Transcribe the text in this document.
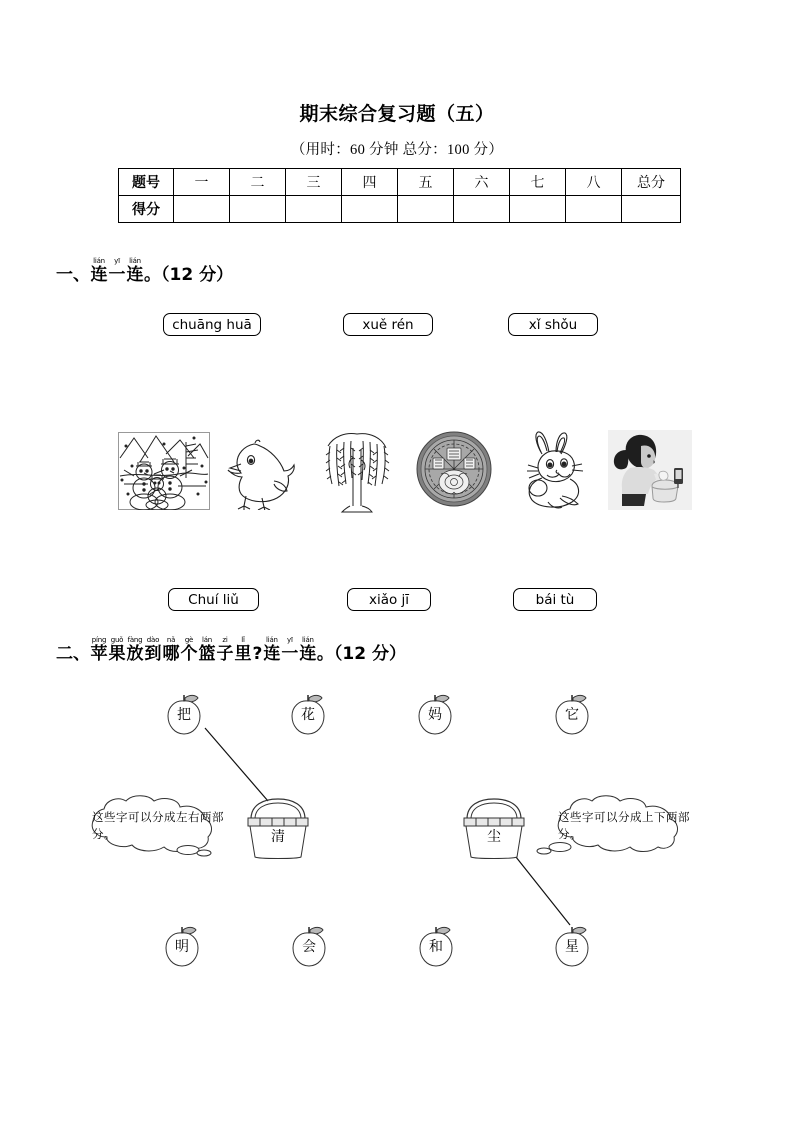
期末综合复习题（五）
（用时：60 分钟 总分：100 分）
题号	一	二	三	四	五	六	七	八	总分
得分									
一、
lián
连
yī
一
lián
连 。（12 分）
chuāng huā	xuě rén	xǐ shǒu
Chuí liǔ	xiǎo jī	bái tù
二、
píng
苹
guǒ
果
fàng
放
dào
到
nǎ
哪
gè
个
lán
篮
zi
子
lǐ
里 ?
lián
连
yī
一
lián
连 。（12 分）
把	花	妈	它
这些字可以分成左右两部分。	清	尘
这些字可以分成上下两部分。
明	会	和	星
